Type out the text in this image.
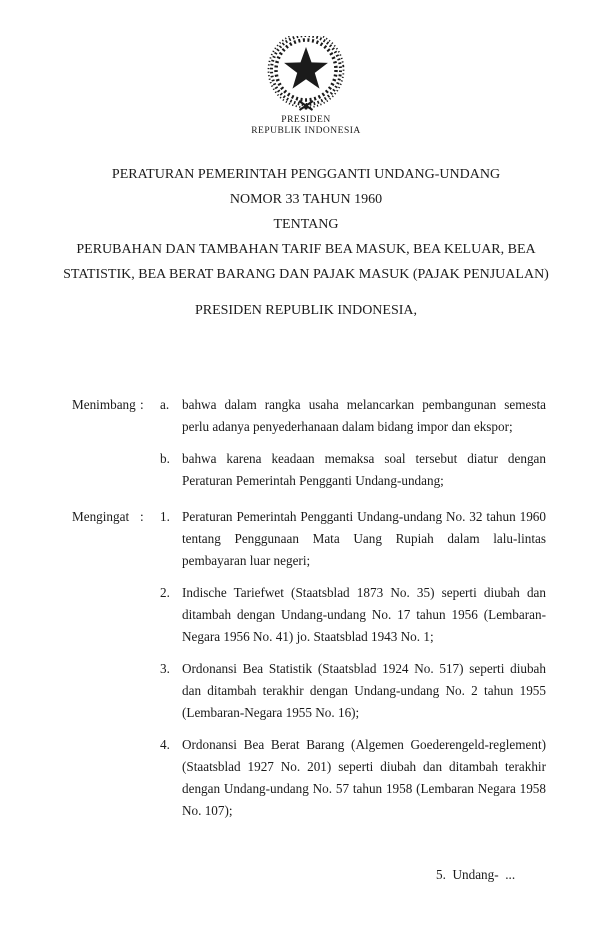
PRESIDEN
REPUBLIK INDONESIA
PERATURAN PEMERINTAH PENGGANTI UNDANG-UNDANG
NOMOR 33 TAHUN 1960
TENTANG
PERUBAHAN DAN TAMBAHAN TARIF BEA MASUK, BEA KELUAR, BEA
STATISTIK, BEA BERAT BARANG DAN PAJAK MASUK (PAJAK PENJUALAN)
PRESIDEN REPUBLIK INDONESIA,
Menimbang :	a. bahwa dalam rangka usaha melancarkan pembangunan semesta perlu adanya penyederhanaan dalam bidang impor dan ekspor;
b. bahwa karena keadaan memaksa soal tersebut diatur dengan Peraturan Pemerintah Pengganti Undang-undang;
Mengingat :	1. Peraturan Pemerintah Pengganti Undang-undang No. 32 tahun 1960 tentang Penggunaan Mata Uang Rupiah dalam lalu-lintas pembayaran luar negeri;
2. Indische Tariefwet (Staatsblad 1873 No. 35) seperti diubah dan ditambah dengan Undang-undang No. 17 tahun 1956 (Lembaran-Negara 1956 No. 41) jo. Staatsblad 1943 No. 1;
3. Ordonansi Bea Statistik (Staatsblad 1924 No. 517) seperti diubah dan ditambah terakhir dengan Undang-undang No. 2 tahun 1955 (Lembaran-Negara 1955 No. 16);
4. Ordonansi Bea Berat Barang (Algemen Goederengeld-reglement) (Staatsblad 1927 No. 201) seperti diubah dan ditambah terakhir dengan Undang-undang No. 57 tahun 1958 (Lembaran Negara 1958 No. 107);
5.  Undang-  ...
